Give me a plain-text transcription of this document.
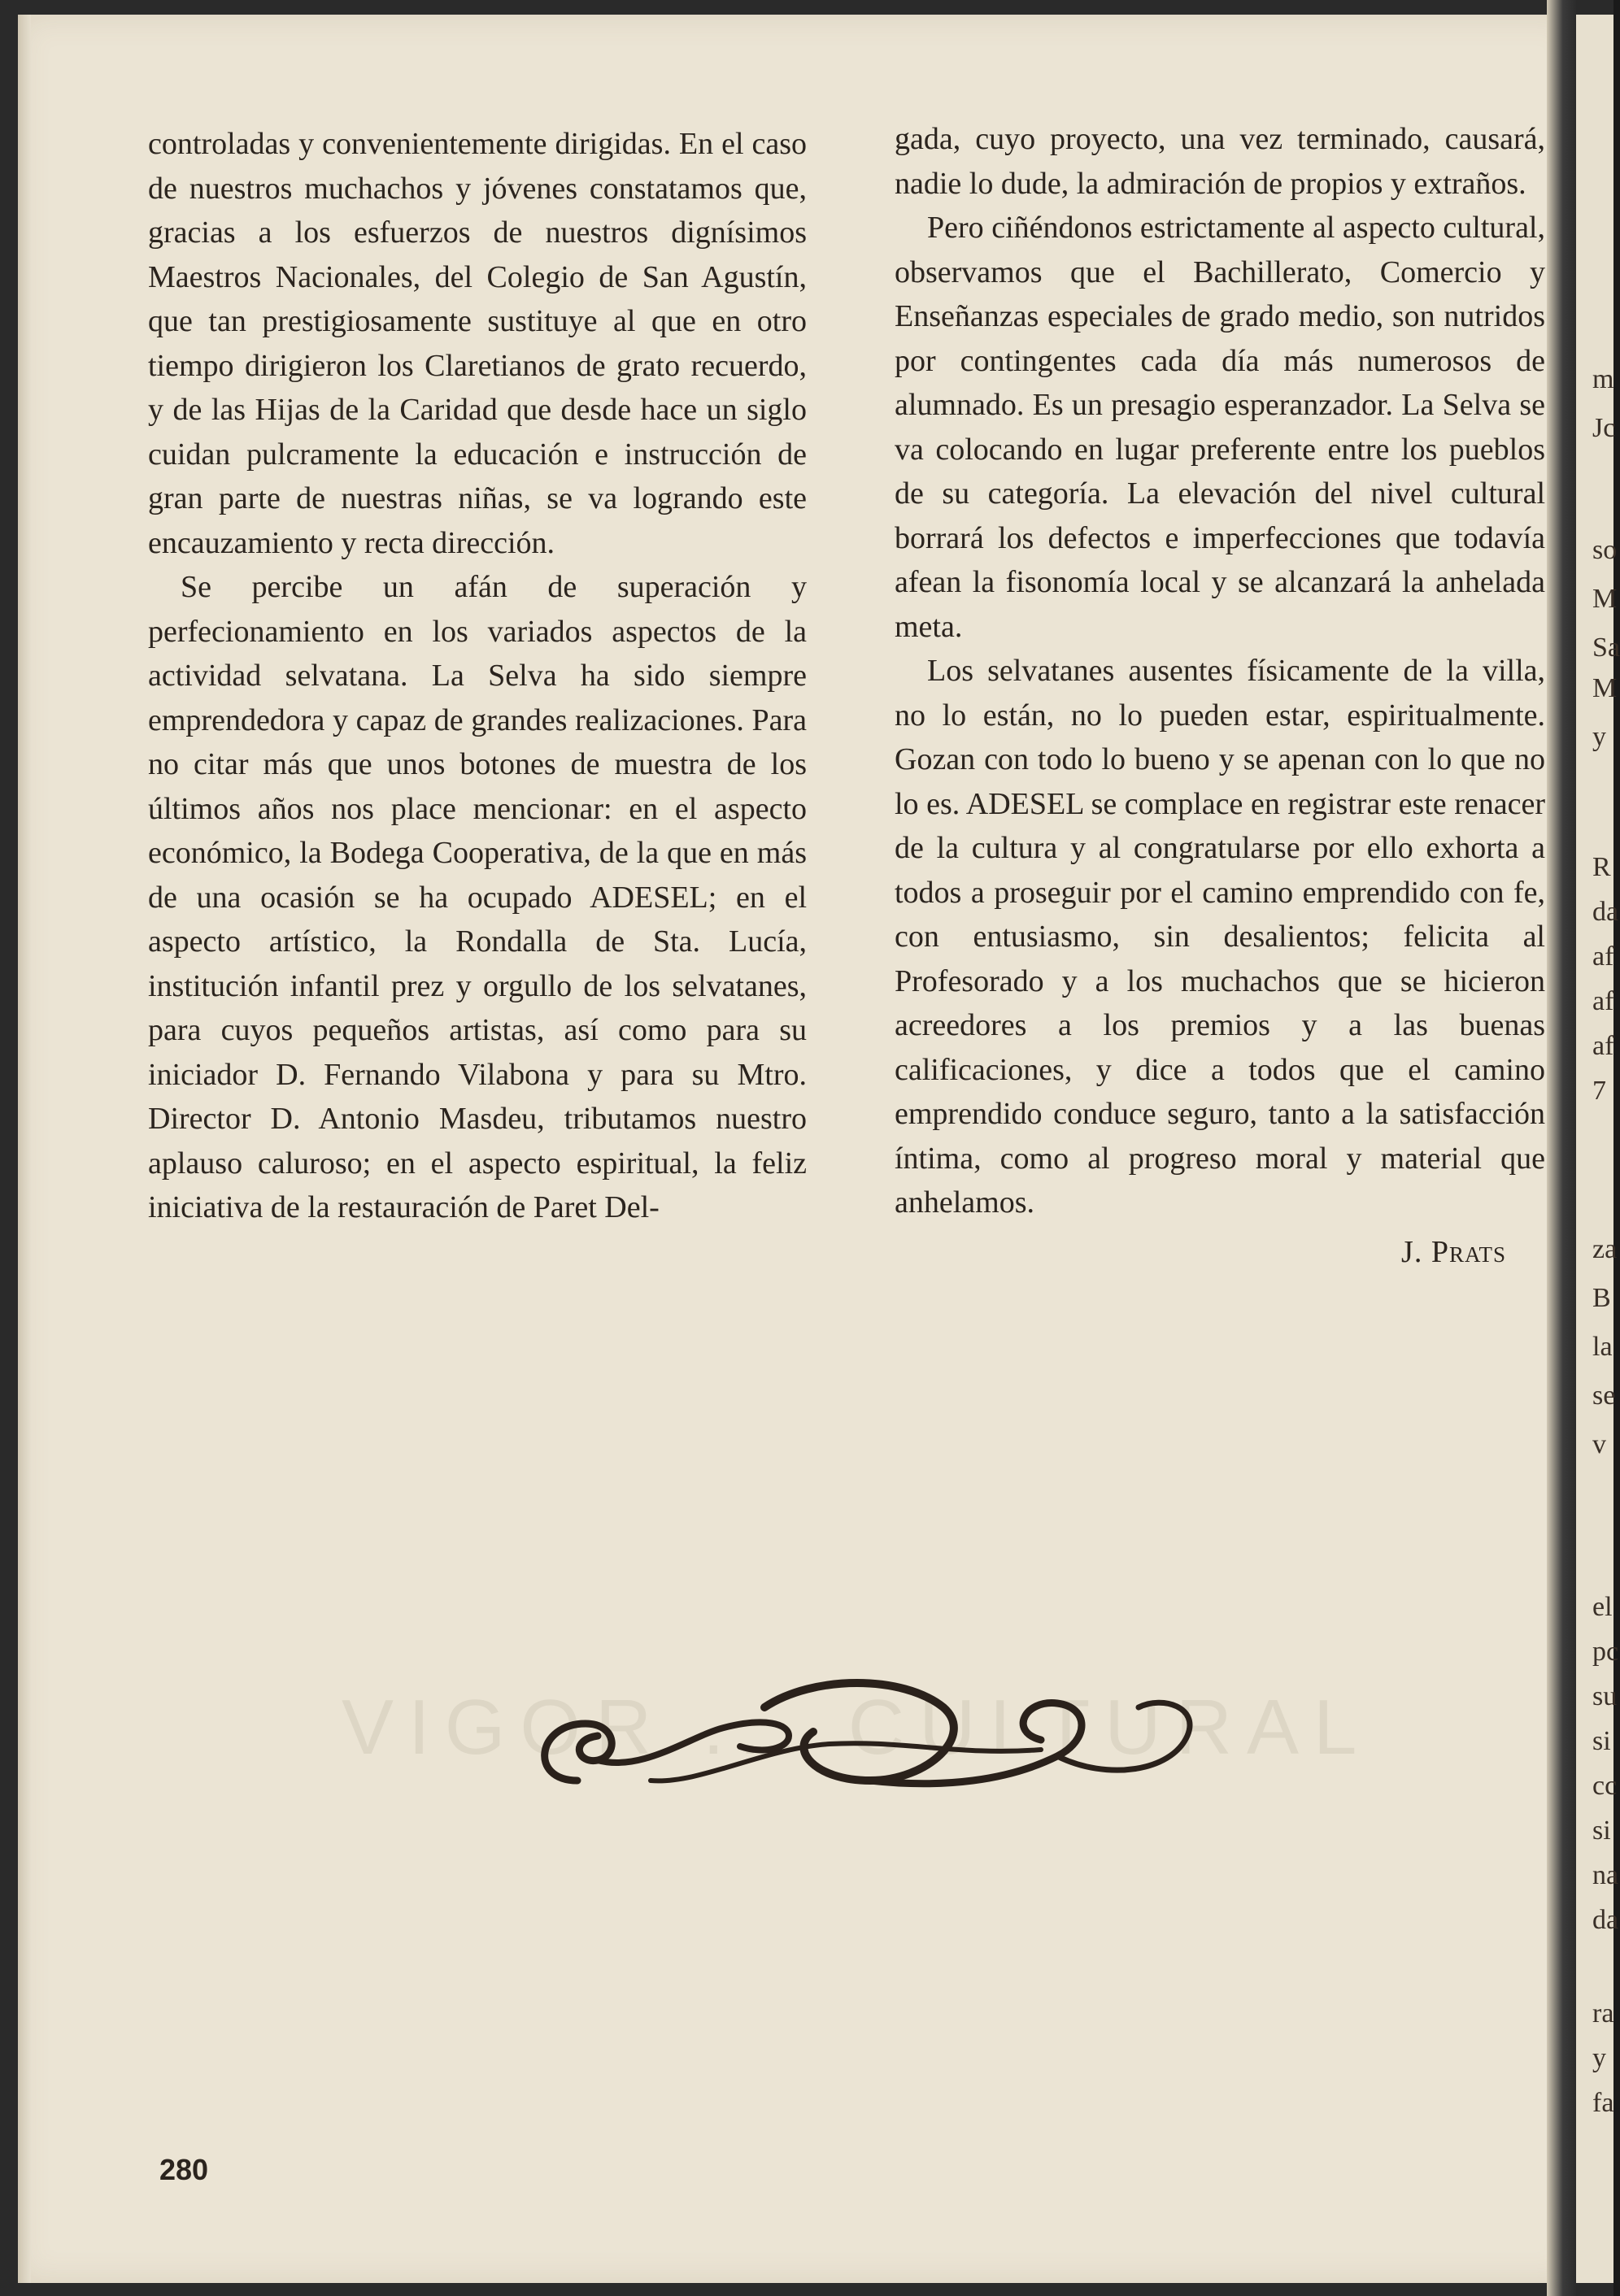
VIGOR ... CULTURAL

controladas y convenientemente dirigidas. En el caso de nuestros muchachos y jóvenes constatamos que, gracias a los esfuerzos de nuestros dignísimos Maestros Nacionales, del Colegio de San Agustín, que tan prestigiosamente sustituye al que en otro tiempo dirigieron los Claretianos de grato recuerdo, y de las Hijas de la Caridad que desde hace un siglo cuidan pulcramente la educación e instrucción de gran parte de nuestras niñas, se va logrando este encauzamiento y recta dirección.

Se percibe un afán de superación y perfecionamiento en los variados aspectos de la actividad selvatana. La Selva ha sido siempre emprendedora y capaz de grandes realizaciones. Para no citar más que unos botones de muestra de los últimos años nos place mencionar: en el aspecto económico, la Bodega Cooperativa, de la que en más de una ocasión se ha ocupado ADESEL; en el aspecto artístico, la Rondalla de Sta. Lucía, institución infantil prez y orgullo de los selvatanes, para cuyos pequeños artistas, así como para su iniciador D. Fernando Vilabona y para su Mtro. Director D. Antonio Masdeu, tributamos nuestro aplauso caluroso; en el aspecto espiritual, la feliz iniciativa de la restauración de Paret Del-

gada, cuyo proyecto, una vez terminado, causará, nadie lo dude, la admiración de propios y extraños.

Pero ciñéndonos estrictamente al aspecto cultural, observamos que el Bachillerato, Comercio y Enseñanzas especiales de grado medio, son nutridos por contingentes cada día más numerosos de alumnado. Es un presagio esperanzador. La Selva se va colocando en lugar preferente entre los pueblos de su categoría. La elevación del nivel cultural borrará los defectos e imperfecciones que todavía afean la fisonomía local y se alcanzará la anhelada meta.

Los selvatanes ausentes físicamente de la villa, no lo están, no lo pueden estar, espiritualmente. Gozan con todo lo bueno y se apenan con lo que no lo es. ADESEL se complace en registrar este renacer de la cultura y al congratularse por ello exhorta a todos a proseguir por el camino emprendido con fe, con entusiasmo, sin desalientos; felicita al Profesorado y a los muchachos que se hicieron acreedores a los premios y a las buenas calificaciones, y dice a todos que el camino emprendido conduce seguro, tanto a la satisfacción íntima, como al progreso moral y material que anhelamos.

J. Prats
280
m
Jc
so
M
Sa
M
y
R
da
af
af
af
7
za
B
la
se
v
el
pc
su
si
cc
si
na
da
ra
y
fa
